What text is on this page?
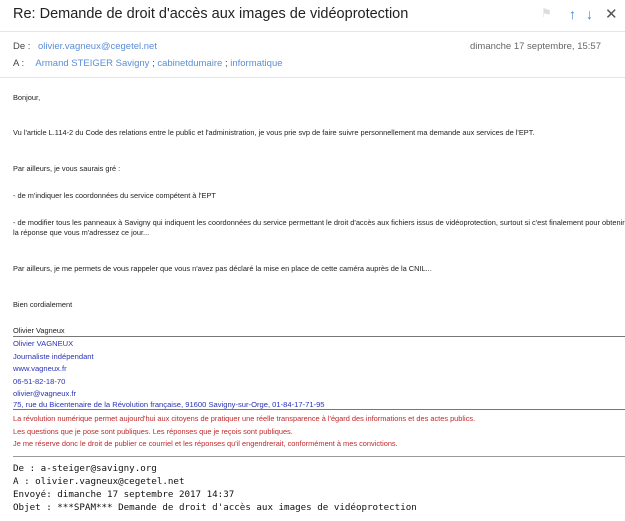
Re: Demande de droit d'accès aux images de vidéoprotection	⚑ ↑ ↓ ✕
De : olivier.vagneux@cegetel.net	dimanche 17 septembre, 15:57
A : Armand STEIGER Savigny ; cabinetdumaire ; informatique
Bonjour,
Vu l'article L.114-2 du Code des relations entre le public et l'administration, je vous prie svp de faire suivre personnellement ma demande aux services de l'EPT.
Par ailleurs, je vous saurais gré :
- de m'indiquer les coordonnées du service compétent à l'EPT
- de modifier tous les panneaux à Savigny qui indiquent les coordonnées du service permettant le droit d'accès aux fichiers issus de vidéoprotection, surtout si c'est finalement pour obtenir
la réponse que vous m'adressez ce jour...
Par ailleurs, je me permets de vous rappeler que vous n'avez pas déclaré la mise en place de cette caméra auprès de la CNIL...
Bien cordialement
Olivier Vagneux
Olivier VAGNEUX
Journaliste indépendant
www.vagneux.fr
06-51-82-18-70
olivier@vagneux.fr
75, rue du Bicentenaire de la Révolution française, 91600 Savigny-sur-Orge, 01-84-17-71-95
La révolution numérique permet aujourd'hui aux citoyens de pratiquer une réelle transparence à l'égard des informations et des actes publics.
Les questions que je pose sont publiques. Les réponses que je reçois sont publiques.
Je me réserve donc le droit de publier ce courriel et les réponses qu'il engendrerait, conformément à mes convictions.
De : a-steiger@savigny.org
A : olivier.vagneux@cegetel.net
Envoyé: dimanche 17 septembre 2017 14:37
Objet : ***SPAM*** Demande de droit d'accès aux images de vidéoprotection
